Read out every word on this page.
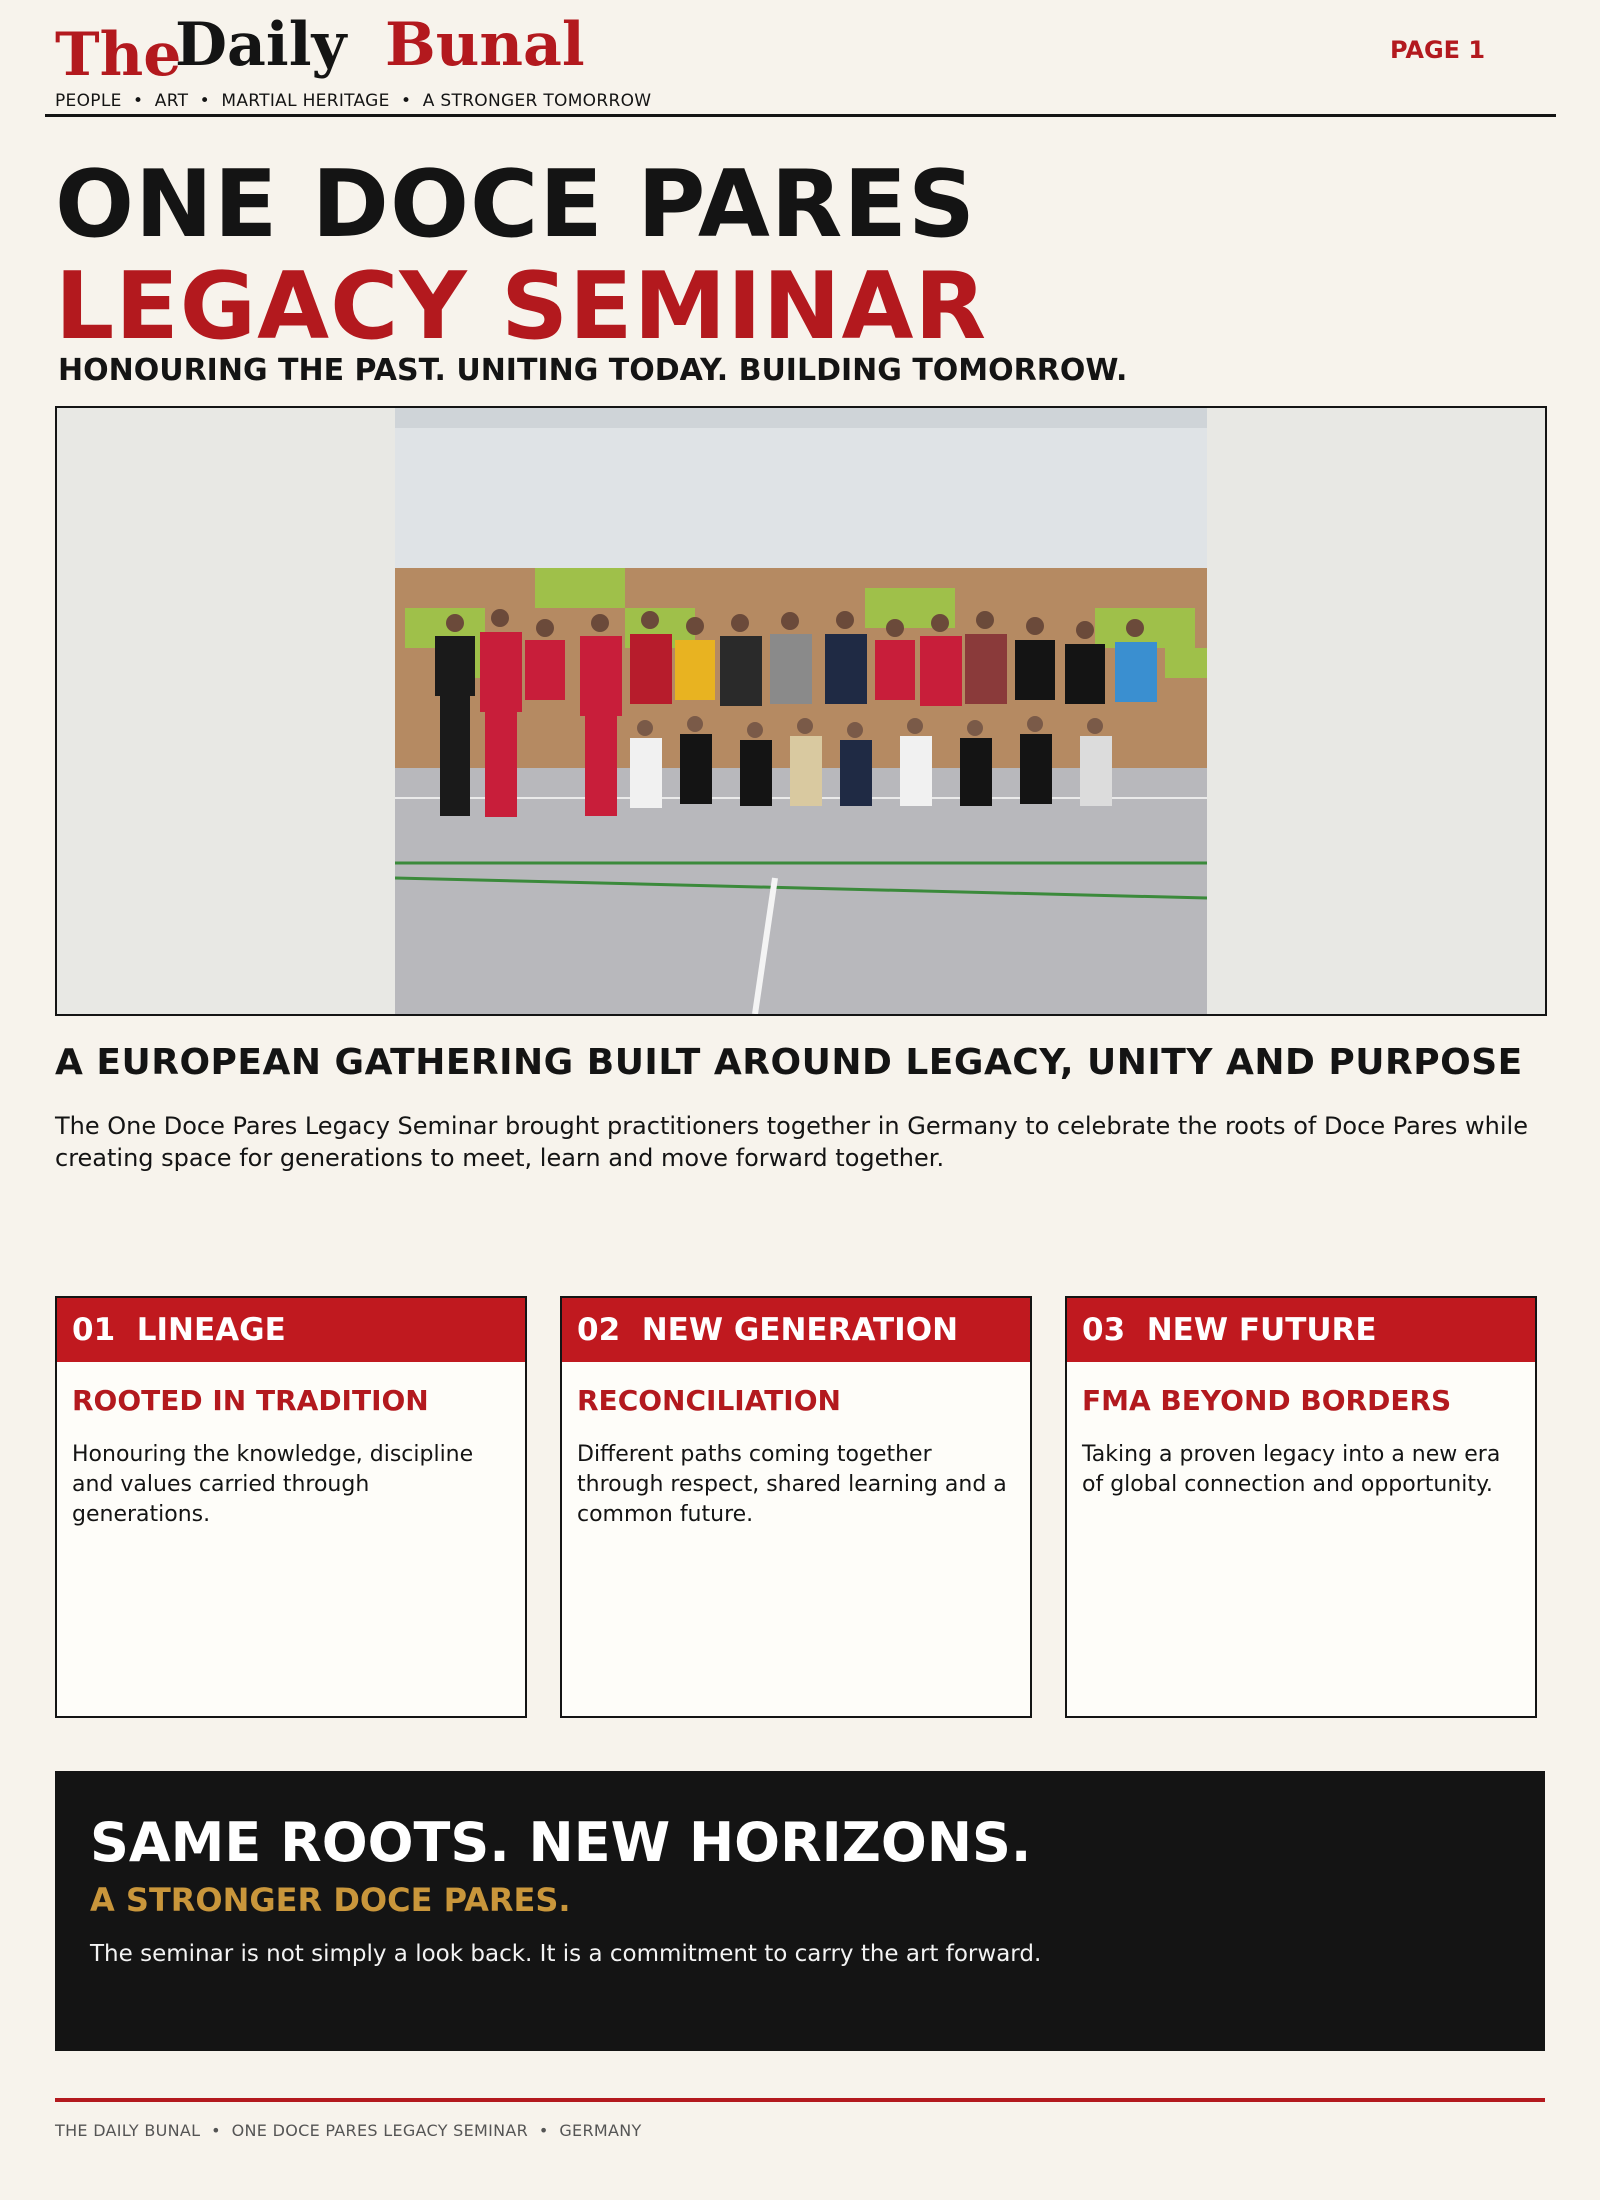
The
Daily Bunal	PAGE 1
PEOPLE  •  ART  •  MARTIAL HERITAGE  •  A STRONGER TOMORROW
ONE DOCE PARES
LEGACY SEMINAR
HONOURING THE PAST. UNITING TODAY. BUILDING TOMORROW.
A EUROPEAN GATHERING BUILT AROUND LEGACY, UNITY AND PURPOSE
The One Doce Pares Legacy Seminar brought practitioners together in Germany to celebrate the roots of Doce Pares while creating space for generations to meet, learn and move forward together.
01 LINEAGE
ROOTED IN TRADITION
Honouring the knowledge, discipline and values carried through generations.
02 NEW GENERATION
RECONCILIATION
Different paths coming together through respect, shared learning and a common future.
03 NEW FUTURE
FMA BEYOND BORDERS
Taking a proven legacy into a new era of global connection and opportunity.
SAME ROOTS. NEW HORIZONS.
A STRONGER DOCE PARES.
The seminar is not simply a look back. It is a commitment to carry the art forward.
THE DAILY BUNAL  •  ONE DOCE PARES LEGACY SEMINAR  •  GERMANY
